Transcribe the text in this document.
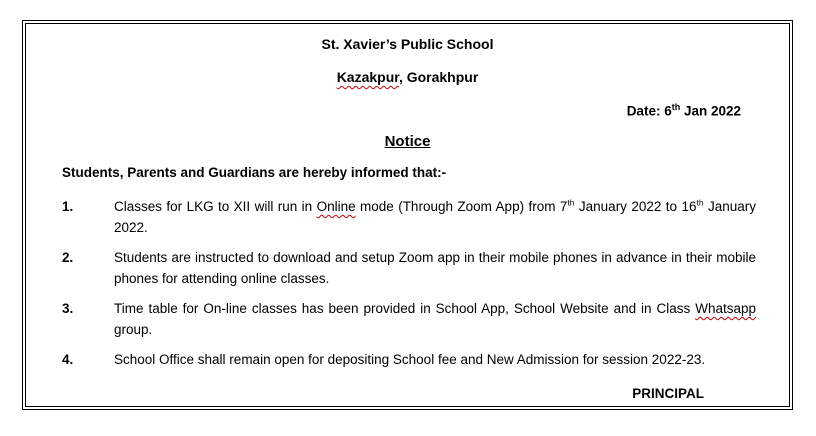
St. Xavier’s Public School
Kazakpur, Gorakhpur
Date: 6th Jan 2022
Notice
Students, Parents and Guardians are hereby informed that:-
1.	Classes for LKG to XII will run in Online mode (Through Zoom App) from 7th January 2022 to 16th January 2022.
2.	Students are instructed to download and setup Zoom app in their mobile phones in advance in their mobile phones for attending online classes.
3.	Time table for On-line classes has been provided in School App, School Website and in Class Whatsapp group.
4.	School Office shall remain open for depositing School fee and New Admission for session 2022-23.
PRINCIPAL
